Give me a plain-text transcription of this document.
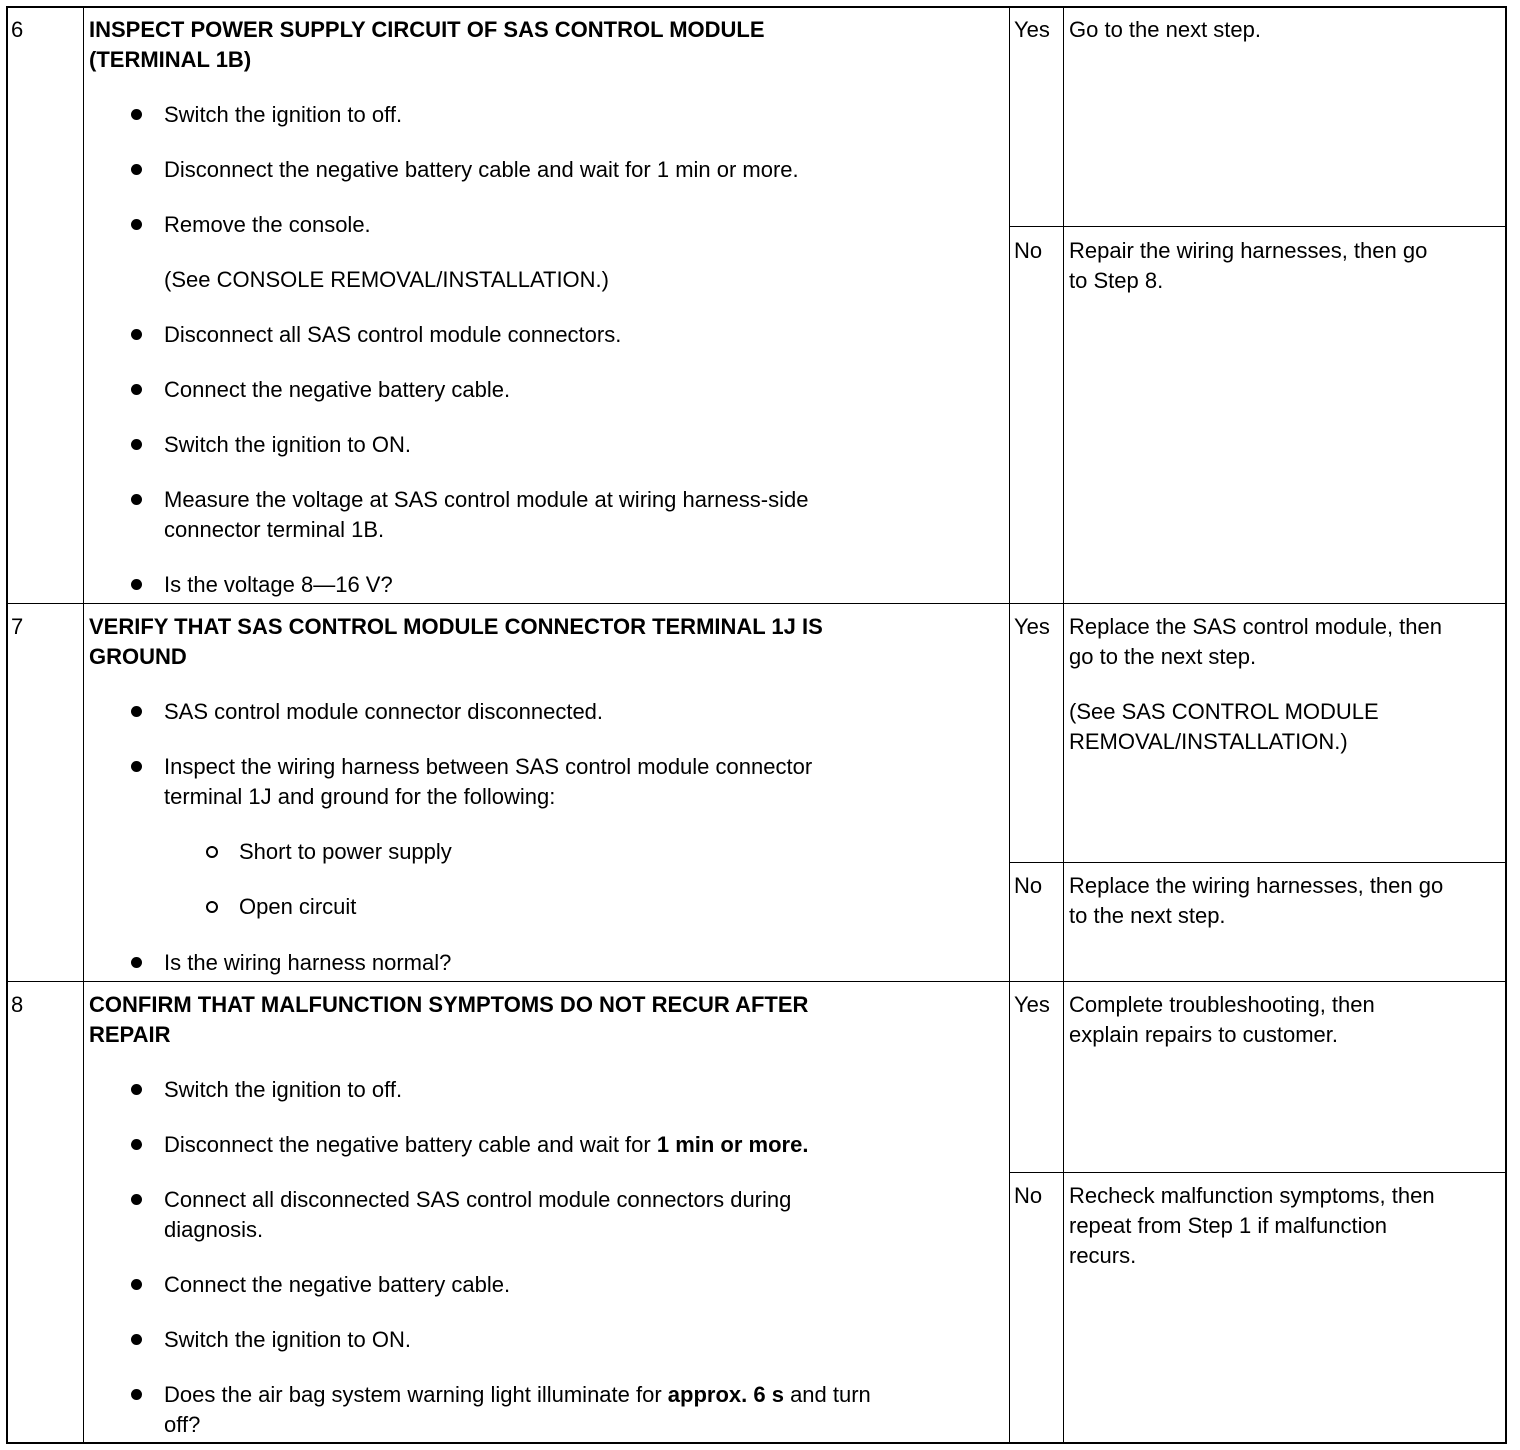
6	INSPECT POWER SUPPLY CIRCUIT OF SAS CONTROL MODULE
(TERMINAL 1B)
Switch the ignition to off.
Disconnect the negative battery cable and wait for 1 min or more.
Remove the console.
(See CONSOLE REMOVAL/INSTALLATION.)
Disconnect all SAS control module connectors.
Connect the negative battery cable.
Switch the ignition to ON.
Measure the voltage at SAS control module at wiring harness-side
connector terminal 1B.
Is the voltage 8—16 V?
Yes Go to the next step.
No Repair the wiring harnesses, then go
to Step 8.
7	VERIFY THAT SAS CONTROL MODULE CONNECTOR TERMINAL 1J IS
GROUND
SAS control module connector disconnected.
Inspect the wiring harness between SAS control module connector
terminal 1J and ground for the following:
Short to power supply
Open circuit
Is the wiring harness normal?
Yes Replace the SAS control module, then
go to the next step.
(See SAS CONTROL MODULE
REMOVAL/INSTALLATION.)
No Replace the wiring harnesses, then go
to the next step.
8	CONFIRM THAT MALFUNCTION SYMPTOMS DO NOT RECUR AFTER
REPAIR
Switch the ignition to off.
Disconnect the negative battery cable and wait for 1 min or more.
Connect all disconnected SAS control module connectors during
diagnosis.
Connect the negative battery cable.
Switch the ignition to ON.
Does the air bag system warning light illuminate for approx. 6 s and turn
off?
Yes Complete troubleshooting, then
explain repairs to customer.
No Recheck malfunction symptoms, then
repeat from Step 1 if malfunction
recurs.
